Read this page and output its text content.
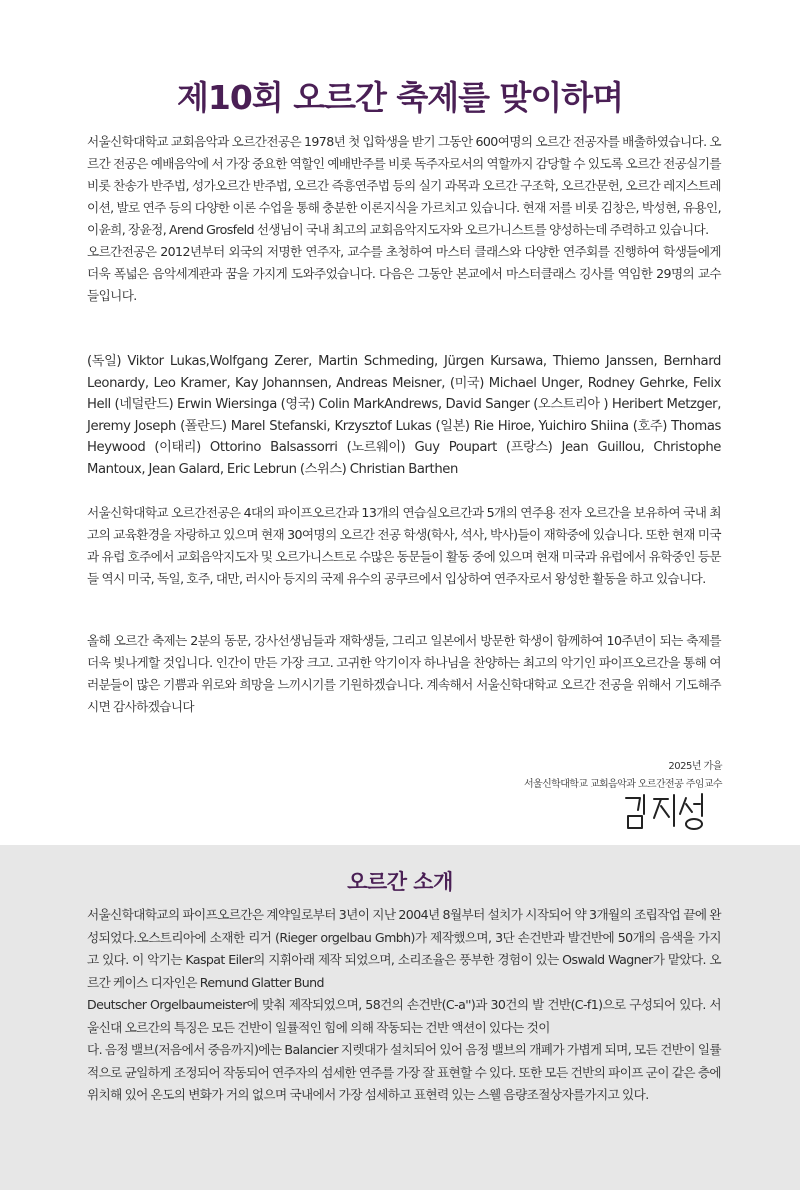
제10회 오르간 축제를 맞이하며

서울신학대학교 교회음악과 오르간전공은 1978년 첫 입학생을 받기 그동안 600여명의 오르간 전공자를 배출하였습니다. 오르간 전공은 예배음악에 서 가장 중요한 역할인 예배반주를 비롯 독주자로서의 역할까지 감당할 수 있도록 오르간 전공실기를 비롯 찬송가 반주법, 성가오르간 반주법, 오르간 즉흥연주법 등의 실기 과목과 오르간 구조학, 오르간문헌, 오르간 레지스트레이션, 발로 연주 등의 다양한 이론 수업을 통해 충분한 이론지식을 가르치고 있습니다. 현재 저를 비롯 김창은, 박성현, 유용인, 이윤희, 장윤정, Arend Grosfeld 선생님이 국내 최고의 교회음악지도자와 오르가니스트를 양성하는데 주력하고 있습니다.

오르간전공은 2012년부터 외국의 저명한 연주자, 교수를 초청하여 마스터 클래스와 다양한 연주회를 진행하여 학생들에게 더욱 폭넓은 음악세계관과 꿈을 가지게 도와주었습니다. 다음은 그동안 본교에서 마스터클래스 깅사를 역임한 29명의 교수들입니다.

(독일) Viktor Lukas,Wolfgang Zerer, Martin Schmeding, Jürgen Kursawa, Thiemo Janssen, Bernhard Leonardy, Leo Kramer, Kay Johannsen, Andreas Meisner, (미국) Michael Unger, Rodney Gehrke, Felix Hell (네덜란드) Erwin Wiersinga (영국) Colin MarkAndrews, David Sanger (오스트리아 ) Heribert Metzger, Jeremy Joseph (폴란드) Marel Stefanski, Krzysztof Lukas (일본) Rie Hiroe, Yuichiro Shiina (호주) Thomas Heywood (이태리) Ottorino Balsassorri (노르웨이) Guy Poupart (프랑스) Jean Guillou, Christophe Mantoux, Jean Galard, Eric Lebrun (스위스) Christian Barthen

서울신학대학교 오르간전공은 4대의 파이프오르간과 13개의 연습실오르간과 5개의 연주용 전자 오르간을 보유하여 국내 최고의 교육환경을 자랑하고 있으며 현재 30여명의 오르간 전공 학생(학사, 석사, 박사)들이 재학중에 있습니다. 또한 현재 미국과 유럽 호주에서 교회음악지도자 및 오르가니스트로 수많은 동문들이 활동 중에 있으며 현재 미국과 유럽에서 유학중인 등문들 역시 미국, 독일, 호주, 대만, 러시아 등지의 국제 유수의 공쿠르에서 입상하여 연주자로서 왕성한 활동을 하고 있습니다.

올해 오르간 축제는 2분의 동문, 강사선생님들과 재학생들, 그리고 일본에서 방문한 학생이 함께하여 10주년이 되는 축제를 더욱 빛나게할 것입니다. 인간이 만든 가장 크고. 고귀한 악기이자 하나님을 찬양하는 최고의 악기인 파이프오르간을 통해 여러분들이 많은 기쁨과 위로와 희망을 느끼시기를 기원하겠습니다. 계속해서 서울신학대학교 오르간 전공을 위해서 기도해주시면 감사하겠습니다

2025년 가을
서울신학대학교 교회음악과 오르간전공 주임교수
오르간 소개

서울신학대학교의 파이프오르간은 계약일로부터 3년이 지난 2004년 8월부터 설치가 시작되어 약 3개월의 조립작업 끝에 완성되었다.오스트리아에 소재한 리거 (Rieger orgelbau Gmbh)가 제작했으며, 3단 손건반과 발건반에 50개의 음색을 가지고 있다. 이 악기는 Kaspat Eiler의 지휘아래 제작 되었으며, 소리조율은 풍부한 경험이 있는 Oswald Wagner가 맡았다. 오르간 케이스 디자인은 Remund Glatter Bund

Deutscher Orgelbaumeister에 맞춰 제작되었으며, 58건의 손건반(C-a'')과 30건의 발 건반(C-f1)으로 구성되어 있다. 서울신대 오르간의 특징은 모든 건반이 일률적인 힘에 의해 작동되는 건반 액션이 있다는 것이

다. 음정 밸브(저음에서 중음까지)에는 Balancier 지렛대가 설치되어 있어 음정 밸브의 개폐가 가볍게 되며, 모든 건반이 일률적으로 균일하게 조정되어 작동되어 연주자의 섬세한 연주를 가장 잘 표현할 수 있다. 또한 모든 건반의 파이프 군이 같은 층에 위치해 있어 온도의 변화가 거의 없으며 국내에서 가장 섬세하고 표현력 있는 스웰 음량조절상자를가지고 있다.
